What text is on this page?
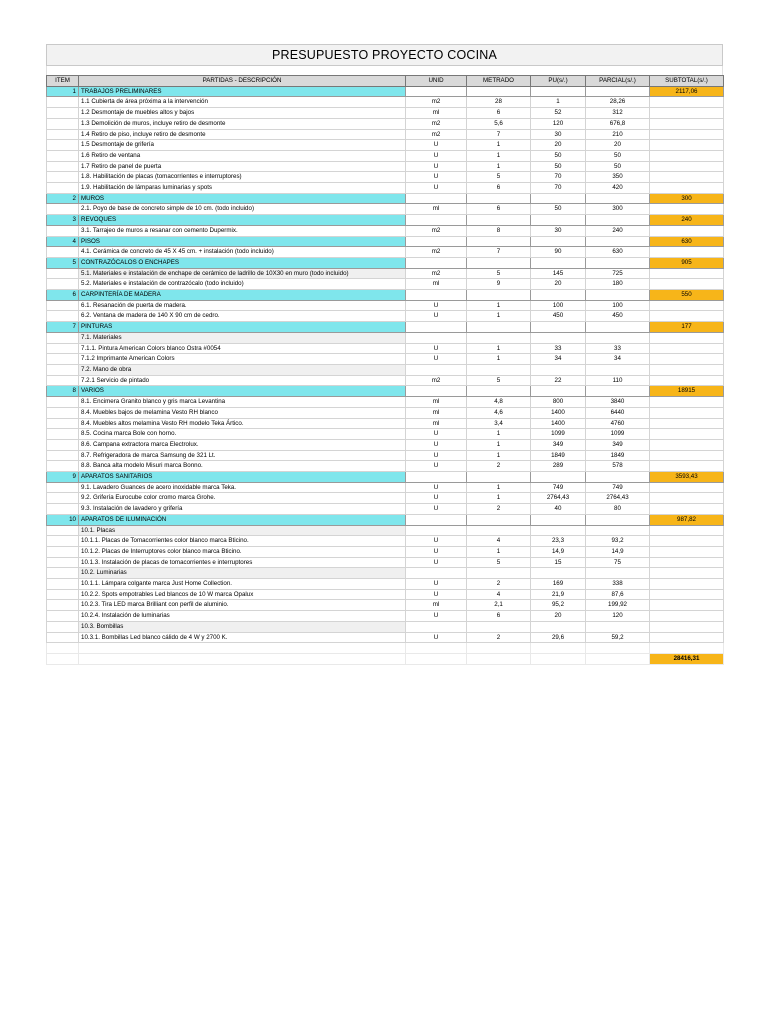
PRESUPUESTO PROYECTO COCINA
ITEM	PARTIDAS - DESCRIPCIÓN	UNID	METRADO	PU(s/.)	PARCIAL(s/.)	SUBTOTAL(s/.)
1	TRABAJOS PRELIMINARES					2117,06
	1.1 Cubierta de área próxima a la intervención	m2	28	1	28,26	
	1.2 Desmontaje de muebles altos y bajos	ml	6	52	312	
	1.3 Demolición de muros, incluye retiro de desmonte	m2	5,6	120	676,8	
	1.4 Retiro de piso, incluye retiro de desmonte	m2	7	30	210	
	1.5 Desmontaje de grifería	U	1	20	20	
	1.6 Retiro de ventana	U	1	50	50	
	1.7 Retiro de panel de puerta	U	1	50	50	
	1.8. Habilitación de placas (tomacorrientes e interruptores)	U	5	70	350	
	1.9. Habilitación de lámparas luminarias y spots	U	6	70	420	
2	MUROS					300
	2.1. Poyo de base de concreto simple de 10 cm. (todo incluido)	ml	6	50	300	
3	REVOQUES					240
	3.1. Tarrajeo de muros a resanar con cemento Dupermix.	m2	8	30	240	
4	PISOS					630
	4.1. Cerámica de concreto de 45 X 45 cm. + instalación (todo incluido)	m2	7	90	630	
5	CONTRAZÓCALOS O ENCHAPES					905
	5.1. Materiales e instalación de enchape de cerámico de ladrillo de 10X30 en muro (todo incluido)	m2	5	145	725	
	5.2. Materiales e instalación de contrazócalo (todo incluido)	ml	9	20	180	
6	CARPINTERÍA DE MADERA					550
	6.1. Resanación de puerta de madera.	U	1	100	100	
	6.2. Ventana de madera de 140 X 90 cm de cedro.	U	1	450	450	
7	PINTURAS					177
	7.1. Materiales					
	7.1.1. Pintura American Colors blanco Ostra #0054	U	1	33	33	
	7.1.2 Imprimante American Colors	U	1	34	34	
	7.2. Mano de obra					
	7.2.1 Servicio de pintado	m2	5	22	110	
8	VARIOS					18915
	8.1. Encimera Granito blanco y gris marca Levantina	ml	4,8	800	3840	
	8.4. Muebles bajos de melamina Vesto RH blanco	ml	4,6	1400	6440	
	8.4. Muebles altos melamina Vesto RH modelo Teka Ártico.	ml	3,4	1400	4760	
	8.5. Cocina marca Bole con horno.	U	1	1099	1099	
	8.6. Campana extractora marca Electrolux.	U	1	349	349	
	8.7. Refrigeradora de marca Samsung de 321 Lt.	U	1	1849	1849	
	8.8. Banca alta modelo Misuri marca Bonno.	U	2	289	578	
9	APARATOS SANITARIOS					3593,43
	9.1. Lavadero Guances de acero inoxidable marca Teka.	U	1	749	749	
	9.2. Grifería Eurocube color cromo marca Grohe.	U	1	2764,43	2764,43	
	9.3. Instalación de lavadero y grifería	U	2	40	80	
10	APARATOS DE ILUMINACIÓN					987,82
	10.1. Placas					
	10.1.1. Placas de Tomacorrientes color blanco marca Bticino.	U	4	23,3	93,2	
	10.1.2. Placas de Interruptores color blanco marca Bticino.	U	1	14,9	14,9	
	10.1.3. Instalación de placas de tomacorrientes e interruptores	U	5	15	75	
	10.2. Luminarias					
	10.1.1. Lámpara colgante marca Just Home Collection.	U	2	169	338	
	10.2.2. Spots empotrables Led blancos de 10 W marca Opalux	U	4	21,9	87,6	
	10.2.3. Tira LED marca Brilliant con perfil de aluminio.	ml	2,1	95,2	199,92	
	10.2.4. Instalación de luminarias	U	6	20	120	
	10.3. Bombillas					
	10.3.1. Bombillas Led blanco cálido de 4 W y 2700 K.	U	2	29,6	59,2	

						28416,31
